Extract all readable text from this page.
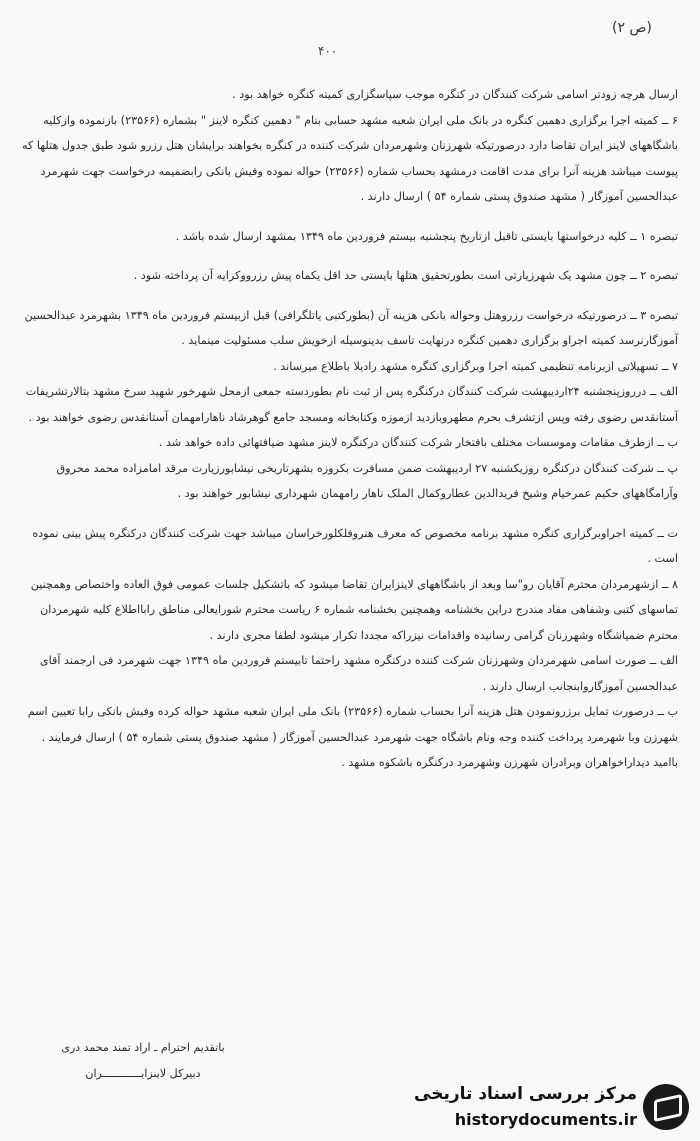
(ص ۲)
۴۰۰

ارسال هرچه زودتر اسامی شرکت کنندگان در کنگره موجب سپاسگزاری کمیته کنگره خواهد بود .

۶ ــ کمیته اجرا برگزاری دهمین کنگره در بانک ملی ایران شعبه مشهد حسابی بنام " دهمین کنگره لاینز " بشماره (۲۳۵۶۶) بازنموده وازکلیه باشگاههای لاینز ایران تقاضا دارد درصورتیکه شهرزنان وشهرمردان شرکت کننده در کنگره بخواهند برایشان هتل رزرو شود طبق جدول هتلها که پیوست میباشد هزینه آنرا برای مدت اقامت درمشهد بحساب شماره (۲۳۵۶۶) حواله نموده وفیش بانکی رابضمیمه درخواست جهت شهرمرد عبدالحسین آموزگار ( مشهد صندوق پستی شماره ۵۴ ) ارسال دارند .

تبصره ۱ ــ کلیه درخواستها بایستی تاقبل ازتاریخ پنجشنبه بیستم فروردین ماه ۱۳۴۹ بمشهد ارسال شده باشد .

تبصره ۲ ــ چون مشهد یک شهرزیارتی است بطورتحقیق هتلها بایستی حد اقل یکماه پیش رزرووکرایه آن پرداخته شود .

تبصره ۳ ــ درصورتیکه درخواست رزروهتل وحواله بانکی هزینه آن (بطورکتبی یاتلگرافی) قبل ازبیستم فروردین ماه ۱۳۴۹ بشهرمرد عبدالحسین آموزگارنرسد کمیته اجراو برگزاری دهمین کنگره درنهایت تاسف بدینوسیله ازخویش سلب مسئولیت مینماید .

۷ ــ تسهیلاتی ازبرنامه تنظیمی کمیته اجرا وبرگزاری کنگره مشهد رادیلا باطلاع میرساند .

الف ــ درروزپنجشنبه ۲۴اردیبهشت شرکت کنندگان درکنگره پس از ثبت نام بطوردسته جمعی ازمحل شهرخور شهید سرخ مشهد بتالارتشریفات آستانقدس رضوی رفته وپس ازتشرف بحرم مطهروبازدید ازموزه وکتابخانه ومسجد جامع گوهرشاد ناهارامهمان آستانقدس رضوی خواهند بود .

ب ــ ازطرف مقامات وموسسات مختلف بافتخار شرکت کنندگان درکنگره لاینز مشهد ضیافتهائی داده خواهد شد .

پ ــ شرکت کنندگان درکنگره روزیکشنبه ۲۷ اردیبهشت ضمن مسافرت بکروزه بشهرتاریخی نیشابورزیارت مرقد امامزاده محمد محروق وآرامگاههای حکیم عمرخیام وشیخ فریدالدین عطاروکمال الملک ناهار رامهمان شهرداری نیشابور خواهند بود .

ت ــ کمیته اجراوبرگزاری کنگره مشهد برنامه مخصوص که معرف هنروفلکلورخراسان میباشد جهت شرکت کنندگان درکنگره پیش بینی نموده است .

۸ ــ ازشهرمردان محترم آقایان رو"سا وبعد از باشگاههای لاینزایران تقاضا میشود که باتشکیل جلسات عمومی فوق العاده واختصاص وهمچنین تماسهای کتبی وشفاهی مفاد مندرج دراین بخشنامه وهمچنین بخشنامه شماره ۶ ریاست محترم شورایعالی مناطق رابااطلاع کلیه شهرمردان محترم ضمیاشگاه وشهرزنان گرامی رسانیده واقدامات نیزراکه مجددا تکرار میشود لطفا مجری دارند .

الف ــ صورت اسامی شهرمردان وشهرزنان شرکت کننده درکنگره مشهد راحتما تابیستم فروردین ماه ۱۳۴۹ جهت شهرمرد فی ارجمند آقای عبدالحسین آموزگاروابنجانب ارسال دارند .

ب ــ درصورت تمایل برزرونمودن هتل هزینه آنرا بحساب شماره (۲۳۵۶۶) بانک ملی ایران شعبه مشهد حواله کرده وفیش بانکی رابا تعیین اسم شهرزن وبا شهرمرد پرداخت کننده وجه ونام باشگاه جهت شهرمرد عبدالحسین آموزگار ( مشهد صندوق پستی شماره ۵۴ ) ارسال فرمایند .

باامید دیداراخواهران وبرادران شهرزن وشهرمرد درکنگره باشکوه مشهد .

باتقدیم احترام ـ اراد تمند محمد دری
دبیرکل لاینزایــــــــــــران
مرکز بررسی اسناد تاریخی
historydocuments.ir
